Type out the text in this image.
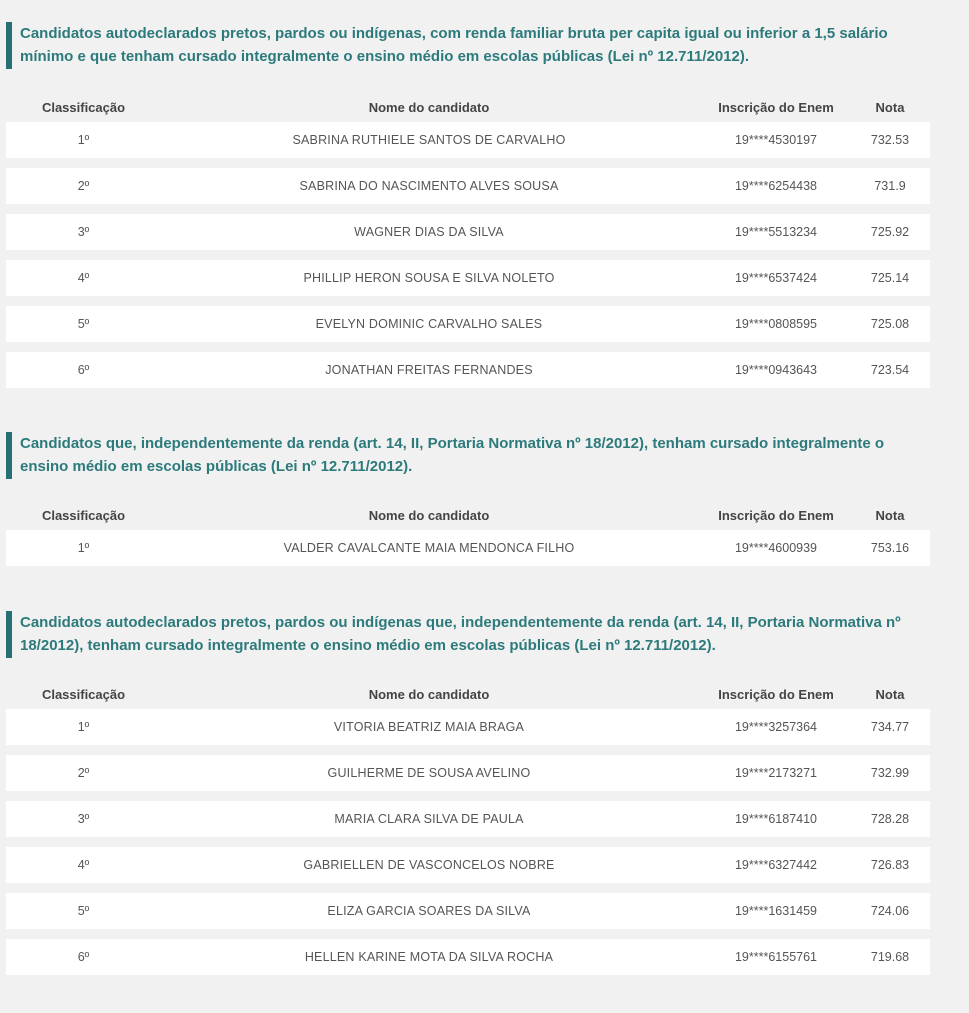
Candidatos autodeclarados pretos, pardos ou indígenas, com renda familiar bruta per capita igual ou inferior a 1,5 salário mínimo e que tenham cursado integralmente o ensino médio em escolas públicas (Lei nº 12.711/2012).
Classificação	Nome do candidato	Inscrição do Enem	Nota
1º	SABRINA RUTHIELE SANTOS DE CARVALHO	19****4530197	732.53
2º	SABRINA DO NASCIMENTO ALVES SOUSA	19****6254438	731.9
3º	WAGNER DIAS DA SILVA	19****5513234	725.92
4º	PHILLIP HERON SOUSA E SILVA NOLETO	19****6537424	725.14
5º	EVELYN DOMINIC CARVALHO SALES	19****0808595	725.08
6º	JONATHAN FREITAS FERNANDES	19****0943643	723.54
Candidatos que, independentemente da renda (art. 14, II, Portaria Normativa nº 18/2012), tenham cursado integralmente o ensino médio em escolas públicas (Lei nº 12.711/2012).
Classificação	Nome do candidato	Inscrição do Enem	Nota
1º	VALDER CAVALCANTE MAIA MENDONCA FILHO	19****4600939	753.16
Candidatos autodeclarados pretos, pardos ou indígenas que, independentemente da renda (art. 14, II, Portaria Normativa nº 18/2012), tenham cursado integralmente o ensino médio em escolas públicas (Lei nº 12.711/2012).
Classificação	Nome do candidato	Inscrição do Enem	Nota
1º	VITORIA BEATRIZ MAIA BRAGA	19****3257364	734.77
2º	GUILHERME DE SOUSA AVELINO	19****2173271	732.99
3º	MARIA CLARA SILVA DE PAULA	19****6187410	728.28
4º	GABRIELLEN DE VASCONCELOS NOBRE	19****6327442	726.83
5º	ELIZA GARCIA SOARES DA SILVA	19****1631459	724.06
6º	HELLEN KARINE MOTA DA SILVA ROCHA	19****6155761	719.68
